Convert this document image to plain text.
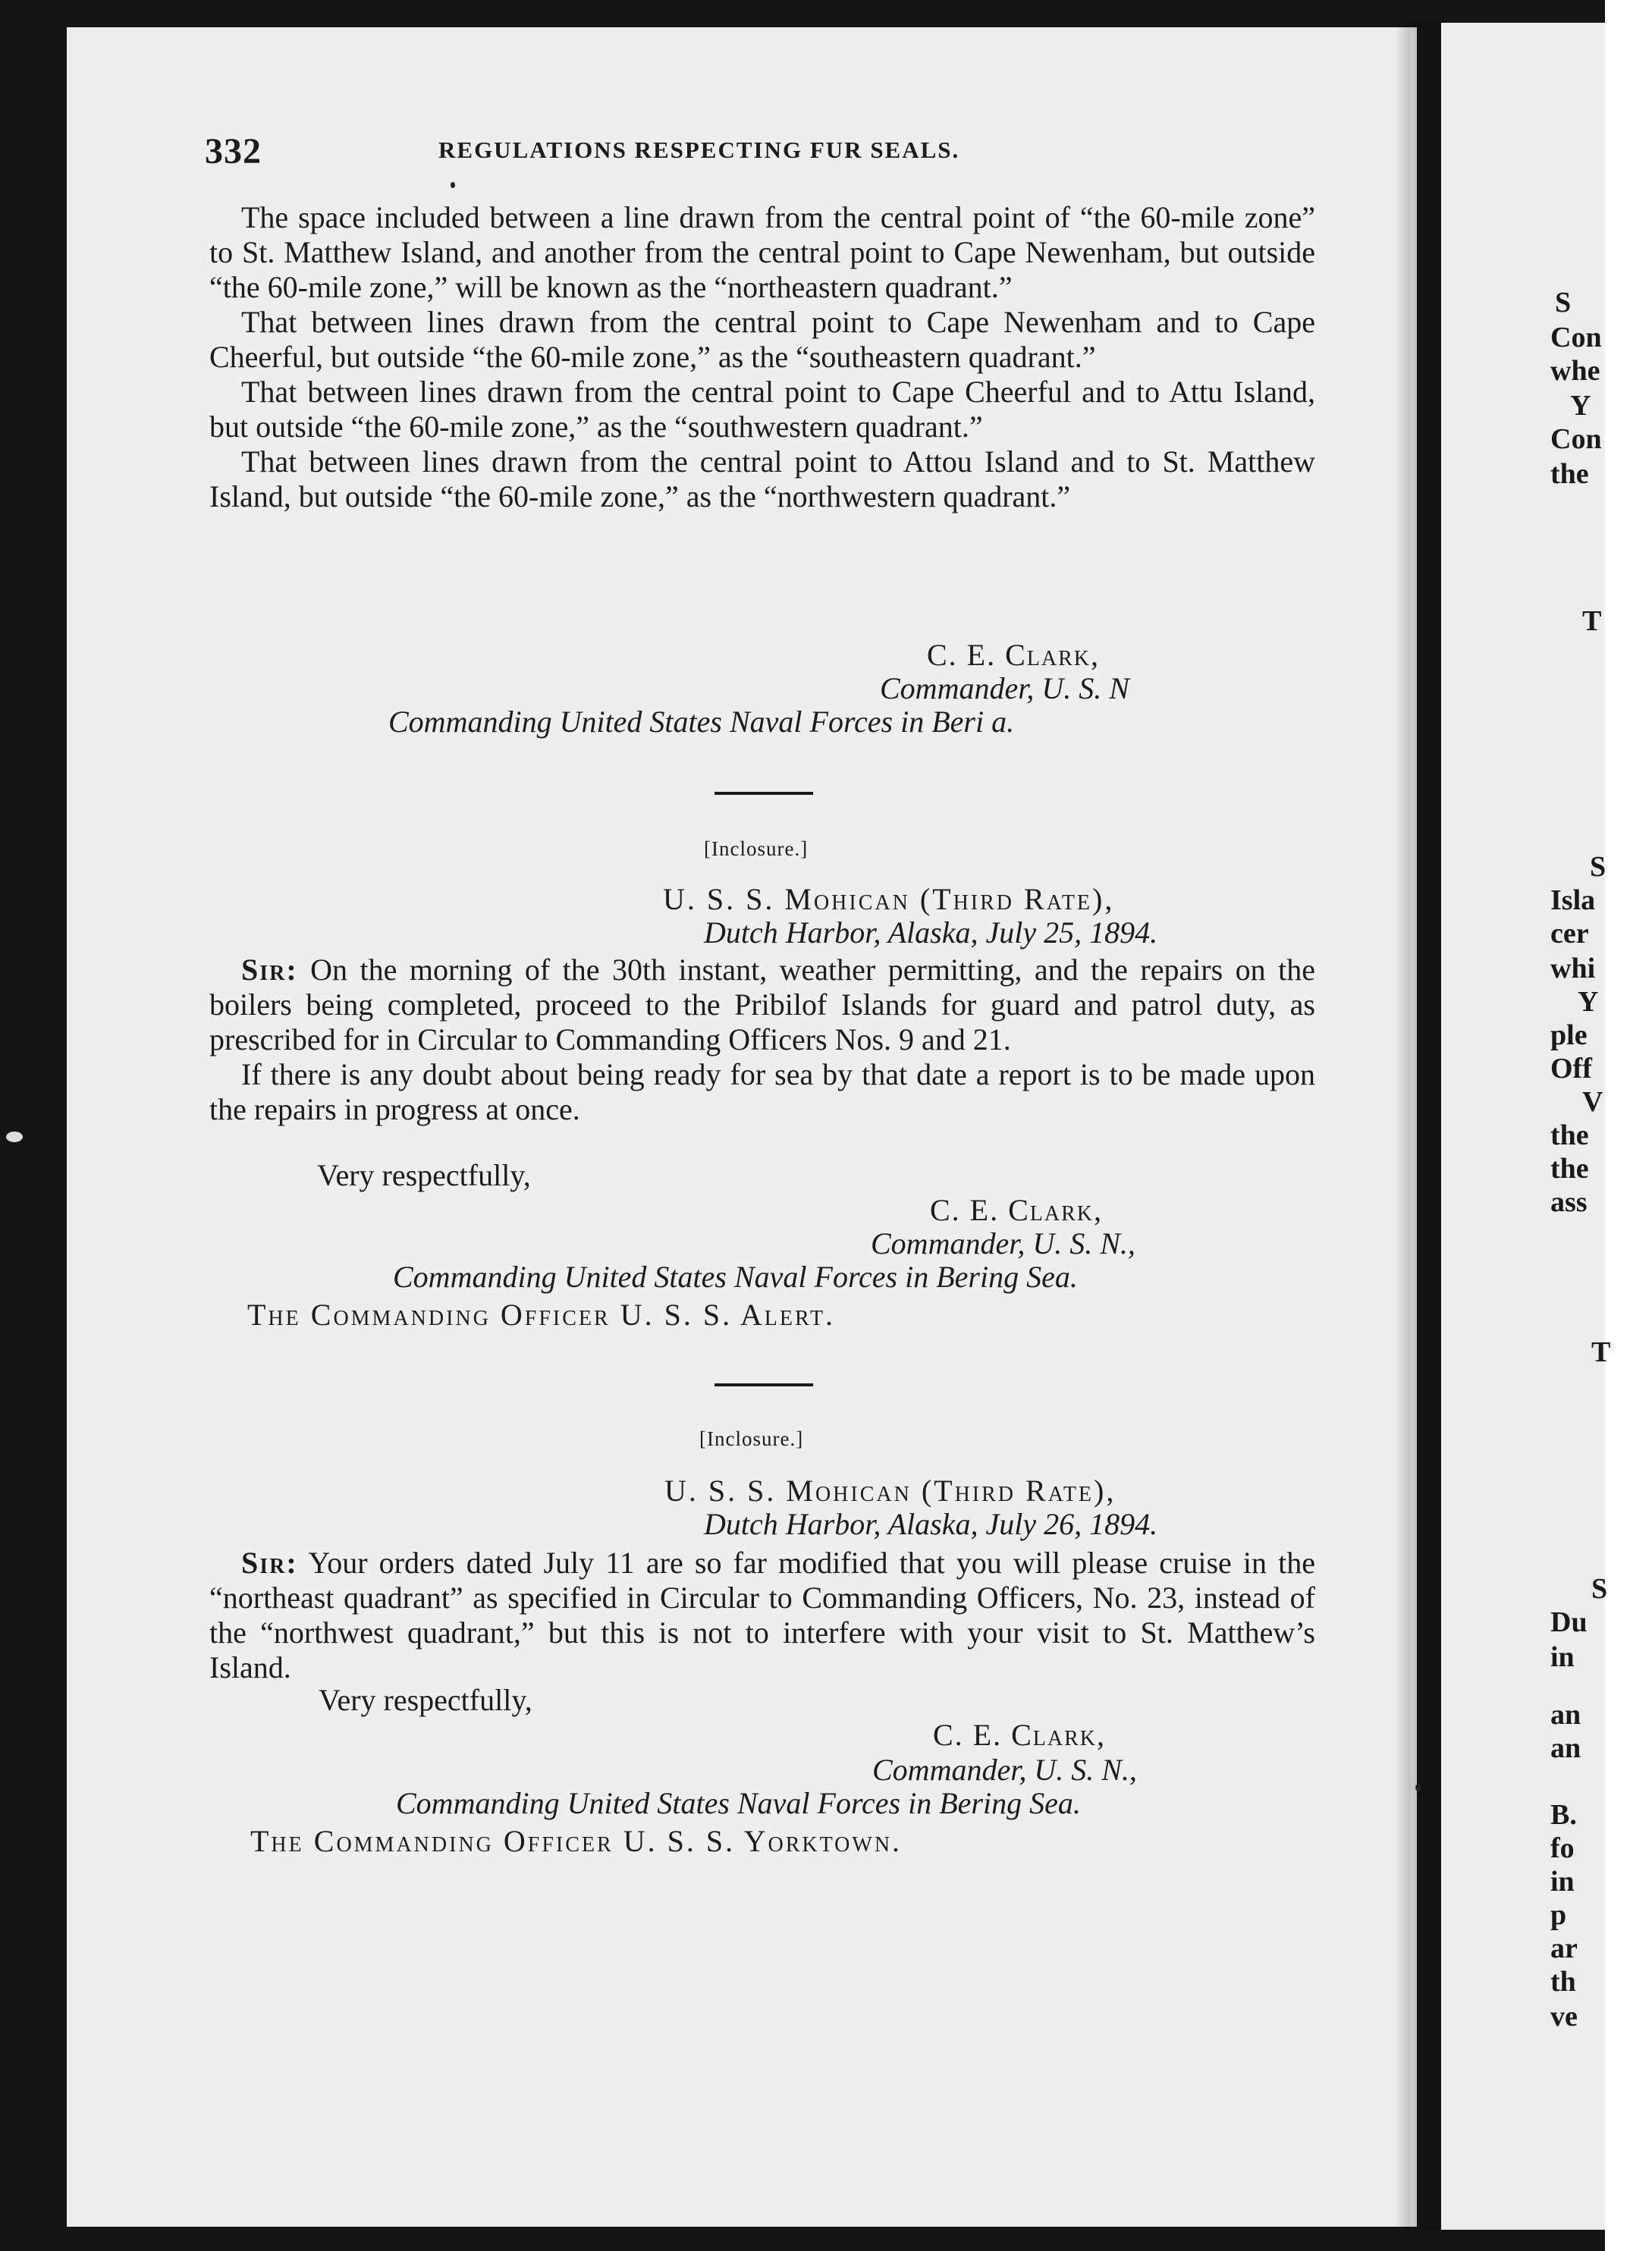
S
Con
whe
Y
Con
the
T
S
Isla
cer
whi
Y
ple
Off
V
the
the
ass
T
S
Du
in
an
an
B.
fo
in
p
ar
th
ve
332	REGULATIONS RESPECTING FUR SEALS.

The space included between a line drawn from the central point of “the 60-mile zone” to St. Matthew Island, and another from the central point to Cape Newenham, but outside “the 60-mile zone,” will be known as the “northeastern quadrant.”

That between lines drawn from the central point to Cape Newenham and to Cape Cheerful, but outside “the 60-mile zone,” as the “southeastern quadrant.”

That between lines drawn from the central point to Cape Cheerful and to Attu Island, but outside “the 60-mile zone,” as the “southwestern quadrant.”

That between lines drawn from the central point to Attou Island and to St. Matthew Island, but outside “the 60-mile zone,” as the “northwestern quadrant.”

C. E. Clark,
Commander, U. S. N
Commanding United States Naval Forces in Beri a.
[Inclosure.]
U. S. S. Mohican (Third Rate),
Dutch Harbor, Alaska, July 25, 1894.

Sir: On the morning of the 30th instant, weather permitting, and the repairs on the boilers being completed, proceed to the Pribilof Islands for guard and patrol duty, as prescribed for in Circular to Commanding Officers Nos. 9 and 21.

If there is any doubt about being ready for sea by that date a report is to be made upon the repairs in progress at once.

Very respectfully,
C. E. Clark,
Commander, U. S. N.,
Commanding United States Naval Forces in Bering Sea.
The Commanding Officer U. S. S. Alert.
[Inclosure.]
U. S. S. Mohican (Third Rate),
Dutch Harbor, Alaska, July 26, 1894.

Sir: Your orders dated July 11 are so far modified that you will please cruise in the “northeast quadrant” as specified in Circular to Commanding Officers, No. 23, instead of the “northwest quadrant,” but this is not to interfere with your visit to St. Matthew’s Island.

Very respectfully,
C. E. Clark,
Commander, U. S. N.,
Commanding United States Naval Forces in Bering Sea.
The Commanding Officer U. S. S. Yorktown.
